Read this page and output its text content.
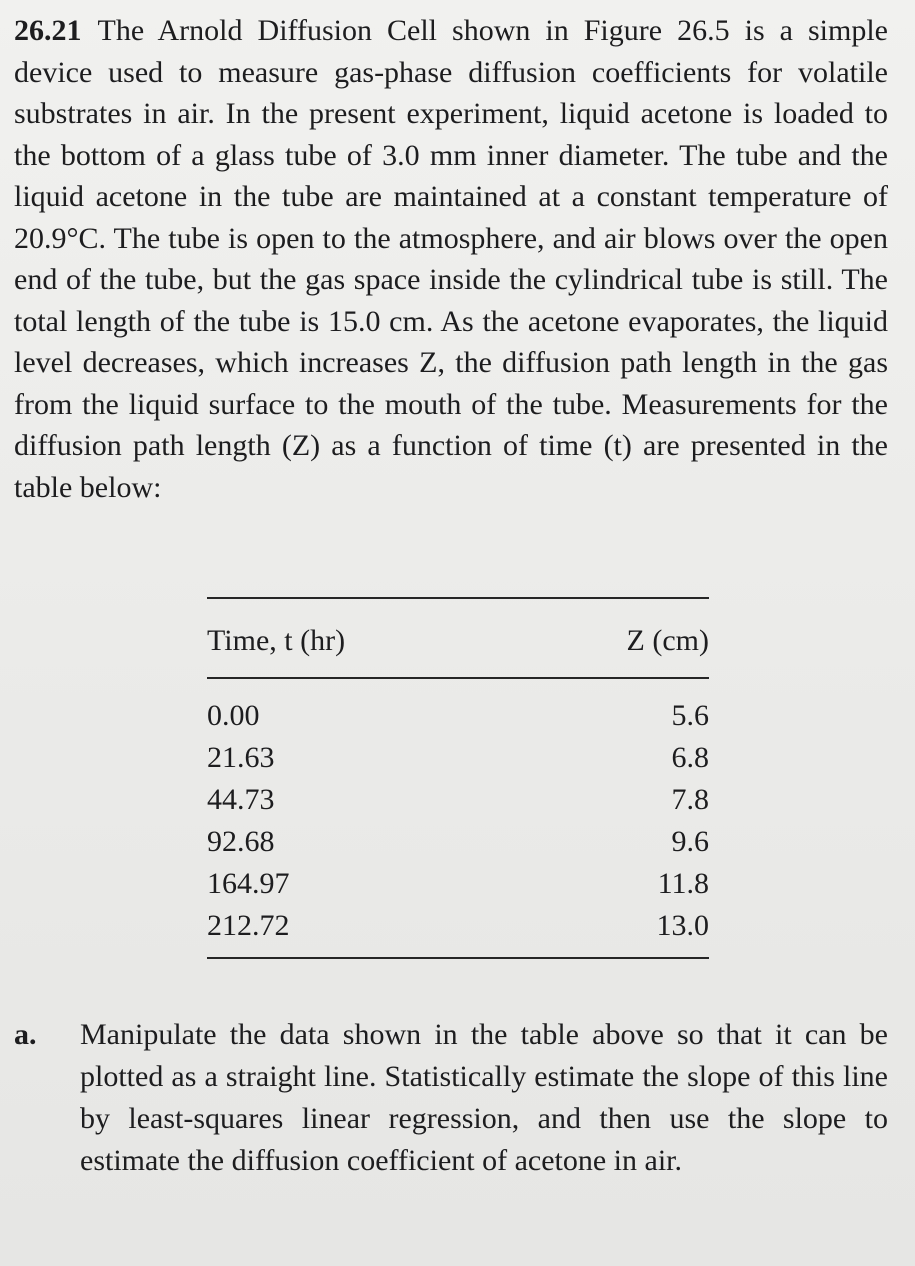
26.21 The Arnold Diffusion Cell shown in Figure 26.5 is a simple device used to measure gas-phase diffusion coefficients for volatile substrates in air. In the present experiment, liquid acetone is loaded to the bottom of a glass tube of 3.0 mm inner diameter. The tube and the liquid acetone in the tube are maintained at a constant temperature of 20.9°C. The tube is open to the atmosphere, and air blows over the open end of the tube, but the gas space inside the cylindrical tube is still. The total length of the tube is 15.0 cm. As the acetone evaporates, the liquid level decreases, which increases Z, the diffusion path length in the gas from the liquid surface to the mouth of the tube. Measurements for the diffusion path length (Z) as a function of time (t) are presented in the table below:
Time, t (hr)	Z (cm)
0.00	5.6
21.63	6.8
44.73	7.8
92.68	9.6
164.97	11.8
212.72	13.0
a.	Manipulate the data shown in the table above so that it can be plotted as a straight line. Statistically estimate the slope of this line by least-squares linear regression, and then use the slope to estimate the diffusion coefficient of acetone in air.
